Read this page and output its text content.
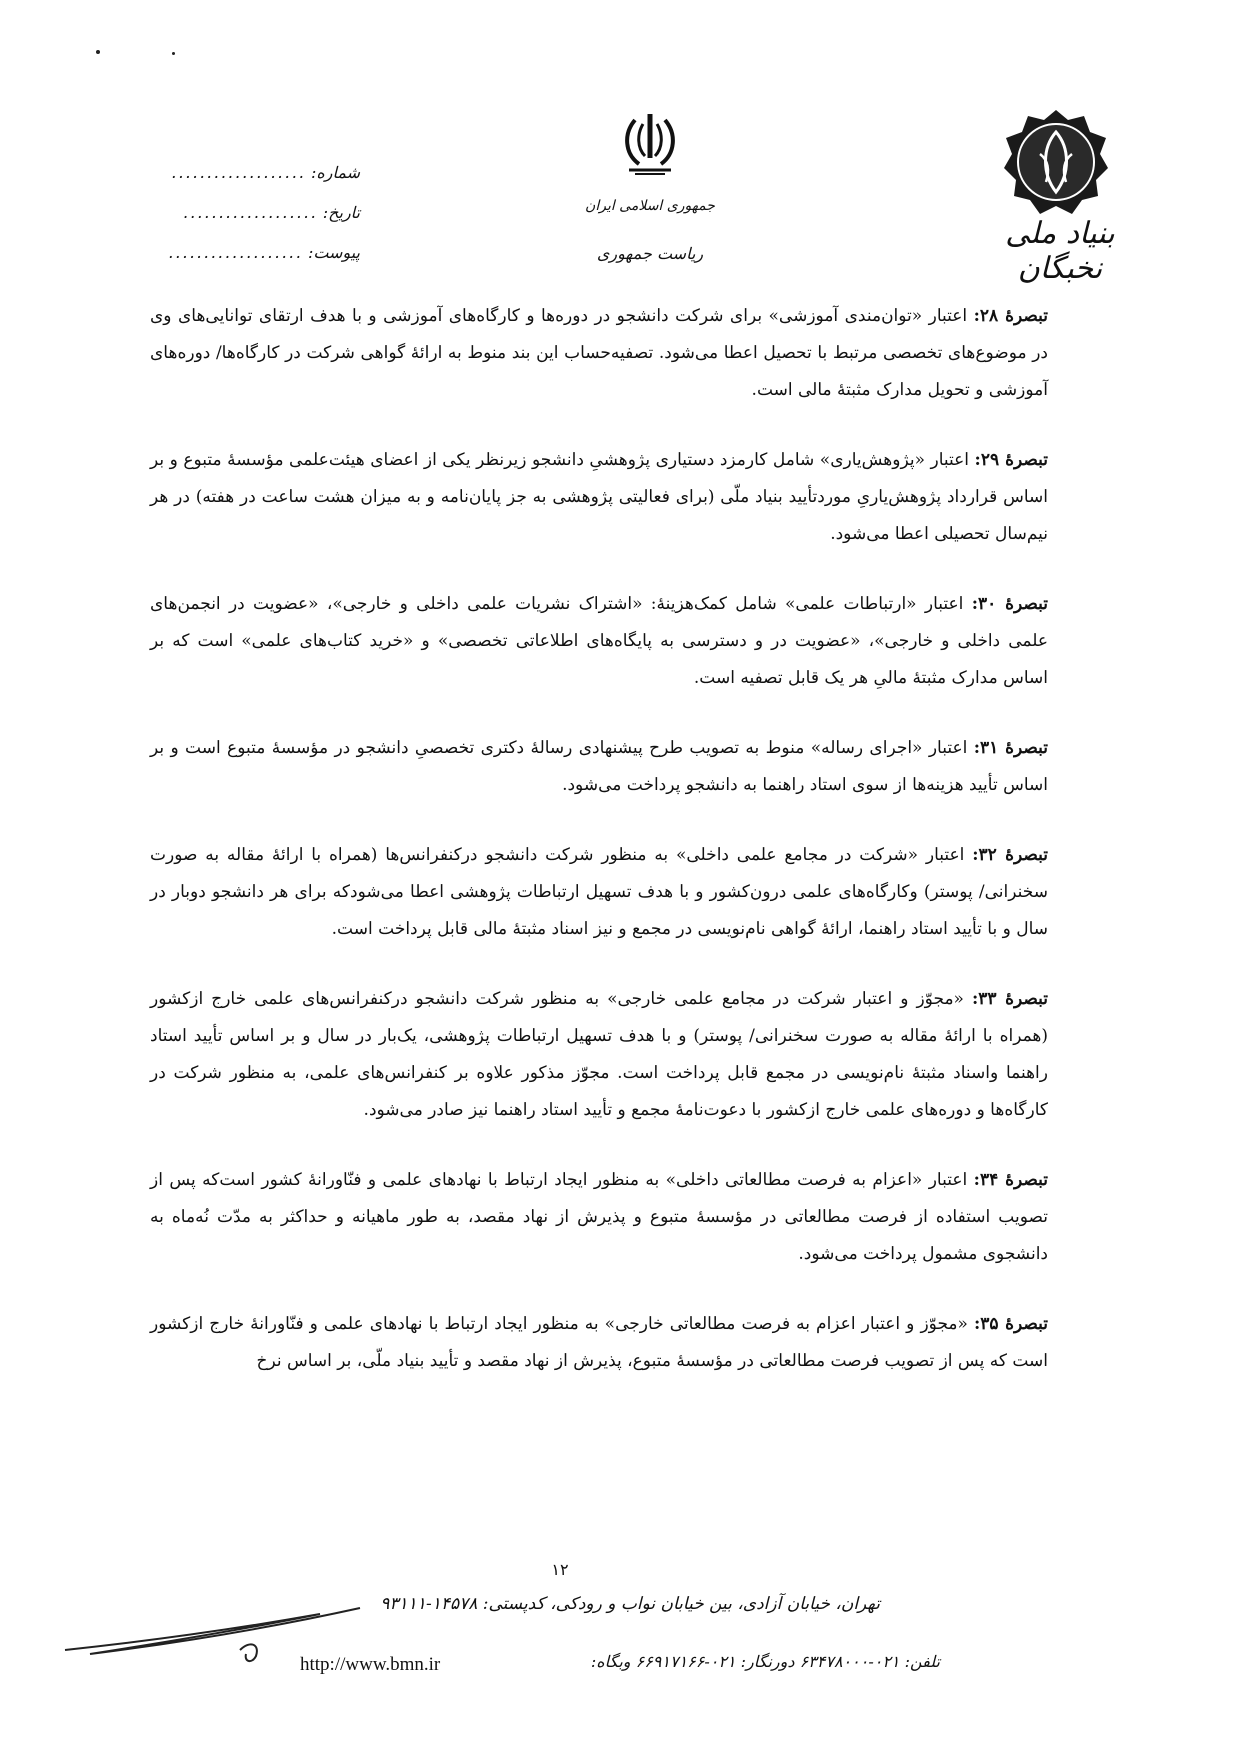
بنیاد ملی نخبگان
جمهوری اسلامی ایران
ریاست جمهوری
شماره: ...................
تاریخ: ...................
پیوست: ...................

تبصرهٔ ۲۸: اعتبار «توان‌مندی آموزشی» برای شرکت دانشجو در دوره‌ها و کارگاه‌های آموزشی و با هدف ارتقای توانایی‌های وی در موضوع‌های تخصصی مرتبط با تحصیل اعطا می‌شود. تصفیه‌حساب این بند منوط به ارائهٔ گواهی شرکت در کارگاه‌ها/ دوره‌های آموزشی و تحویل مدارک مثبتهٔ مالی است.

تبصرهٔ ۲۹: اعتبار «پژوهش‌یاری» شامل کارمزد دستیاری پژوهشیِ دانشجو زیرنظر یکی از اعضای هیئت‌علمی مؤسسهٔ متبوع و بر اساس قرارداد پژوهش‌یاریِ موردتأیید بنیاد ملّی (برای فعالیتی پژوهشی به جز پایان‌نامه و به میزان هشت ساعت در هفته) در هر نیم‌سال تحصیلی اعطا می‌شود.

تبصرهٔ ۳۰: اعتبار «ارتباطات علمی» شامل کمک‌هزینهٔ: «اشتراک نشریات علمی داخلی و خارجی»، «عضویت در انجمن‌های علمی داخلی و خارجی»، «عضویت در و دسترسی به پایگاه‌های اطلاعاتی تخصصی» و «خرید کتاب‌های علمی» است که بر اساس مدارک مثبتهٔ مالیِ هر یک قابل تصفیه است.

تبصرهٔ ۳۱: اعتبار «اجرای رساله» منوط به تصویب طرح پیشنهادی رسالهٔ دکتری تخصصیِ دانشجو در مؤسسهٔ متبوع است و بر اساس تأیید هزینه‌ها از سوی استاد راهنما به دانشجو پرداخت می‌شود.

تبصرهٔ ۳۲: اعتبار «شرکت در مجامع علمی داخلی» به منظور شرکت دانشجو درکنفرانس‌ها (همراه با ارائهٔ مقاله به صورت سخنرانی/ پوستر) وکارگاه‌های علمی درون‌کشور و با هدف تسهیل ارتباطات پژوهشی اعطا می‌شود‌که برای هر دانشجو دوبار در سال و با تأیید استاد راهنما، ارائهٔ گواهی نام‌نویسی در مجمع و نیز اسناد مثبتهٔ مالی قابل پرداخت است.

تبصرهٔ ۳۳: «مجوّز و اعتبار شرکت در مجامع علمی خارجی» به منظور شرکت دانشجو درکنفرانس‌های علمی خارج ازکشور (همراه با ارائهٔ مقاله به صورت سخنرانی/ پوستر) و با هدف تسهیل ارتباطات پژوهشی، یک‌بار در سال و بر اساس تأیید استاد راهنما واسناد مثبتهٔ نام‌نویسی در مجمع قابل پرداخت است. مجوّز مذکور علاوه بر کنفرانس‌های علمی، به منظور شرکت در کارگاه‌ها و دوره‌های علمی خارج ازکشور با دعوت‌نامهٔ مجمع و تأیید استاد راهنما نیز صادر می‌شود.

تبصرهٔ ۳۴: اعتبار «اعزام به فرصت مطالعاتی داخلی» به منظور ایجاد ارتباط با نهادهای علمی و فنّاورانهٔ کشور است‌که پس از تصویب استفاده از فرصت مطالعاتی در مؤسسهٔ متبوع و پذیرش از نهاد مقصد، به طور ماهیانه و حداکثر به مدّت نُه‌ماه به دانشجوی مشمول پرداخت می‌شود.

تبصرهٔ ۳۵: «مجوّز و اعتبار اعزام به فرصت مطالعاتی خارجی» به منظور ایجاد ارتباط با نهادهای علمی و فنّاورانهٔ خارج ازکشور است که پس از تصویب فرصت مطالعاتی در مؤسسهٔ متبوع، پذیرش از نهاد مقصد و تأیید بنیاد ملّی، بر اساس نرخ

۱۲
تهران، خیابان آزادی، بین خیابان نواب و رودکی، کدپستی: ۱۴۵۷۸-۹۳۱۱۱
تلفن: ۰۲۱-۶۳۴۷۸۰۰۰ دورنگار: ۰۲۱-۶۶۹۱۷۱۶۶ وبگاه:
http://www.bmn.ir
